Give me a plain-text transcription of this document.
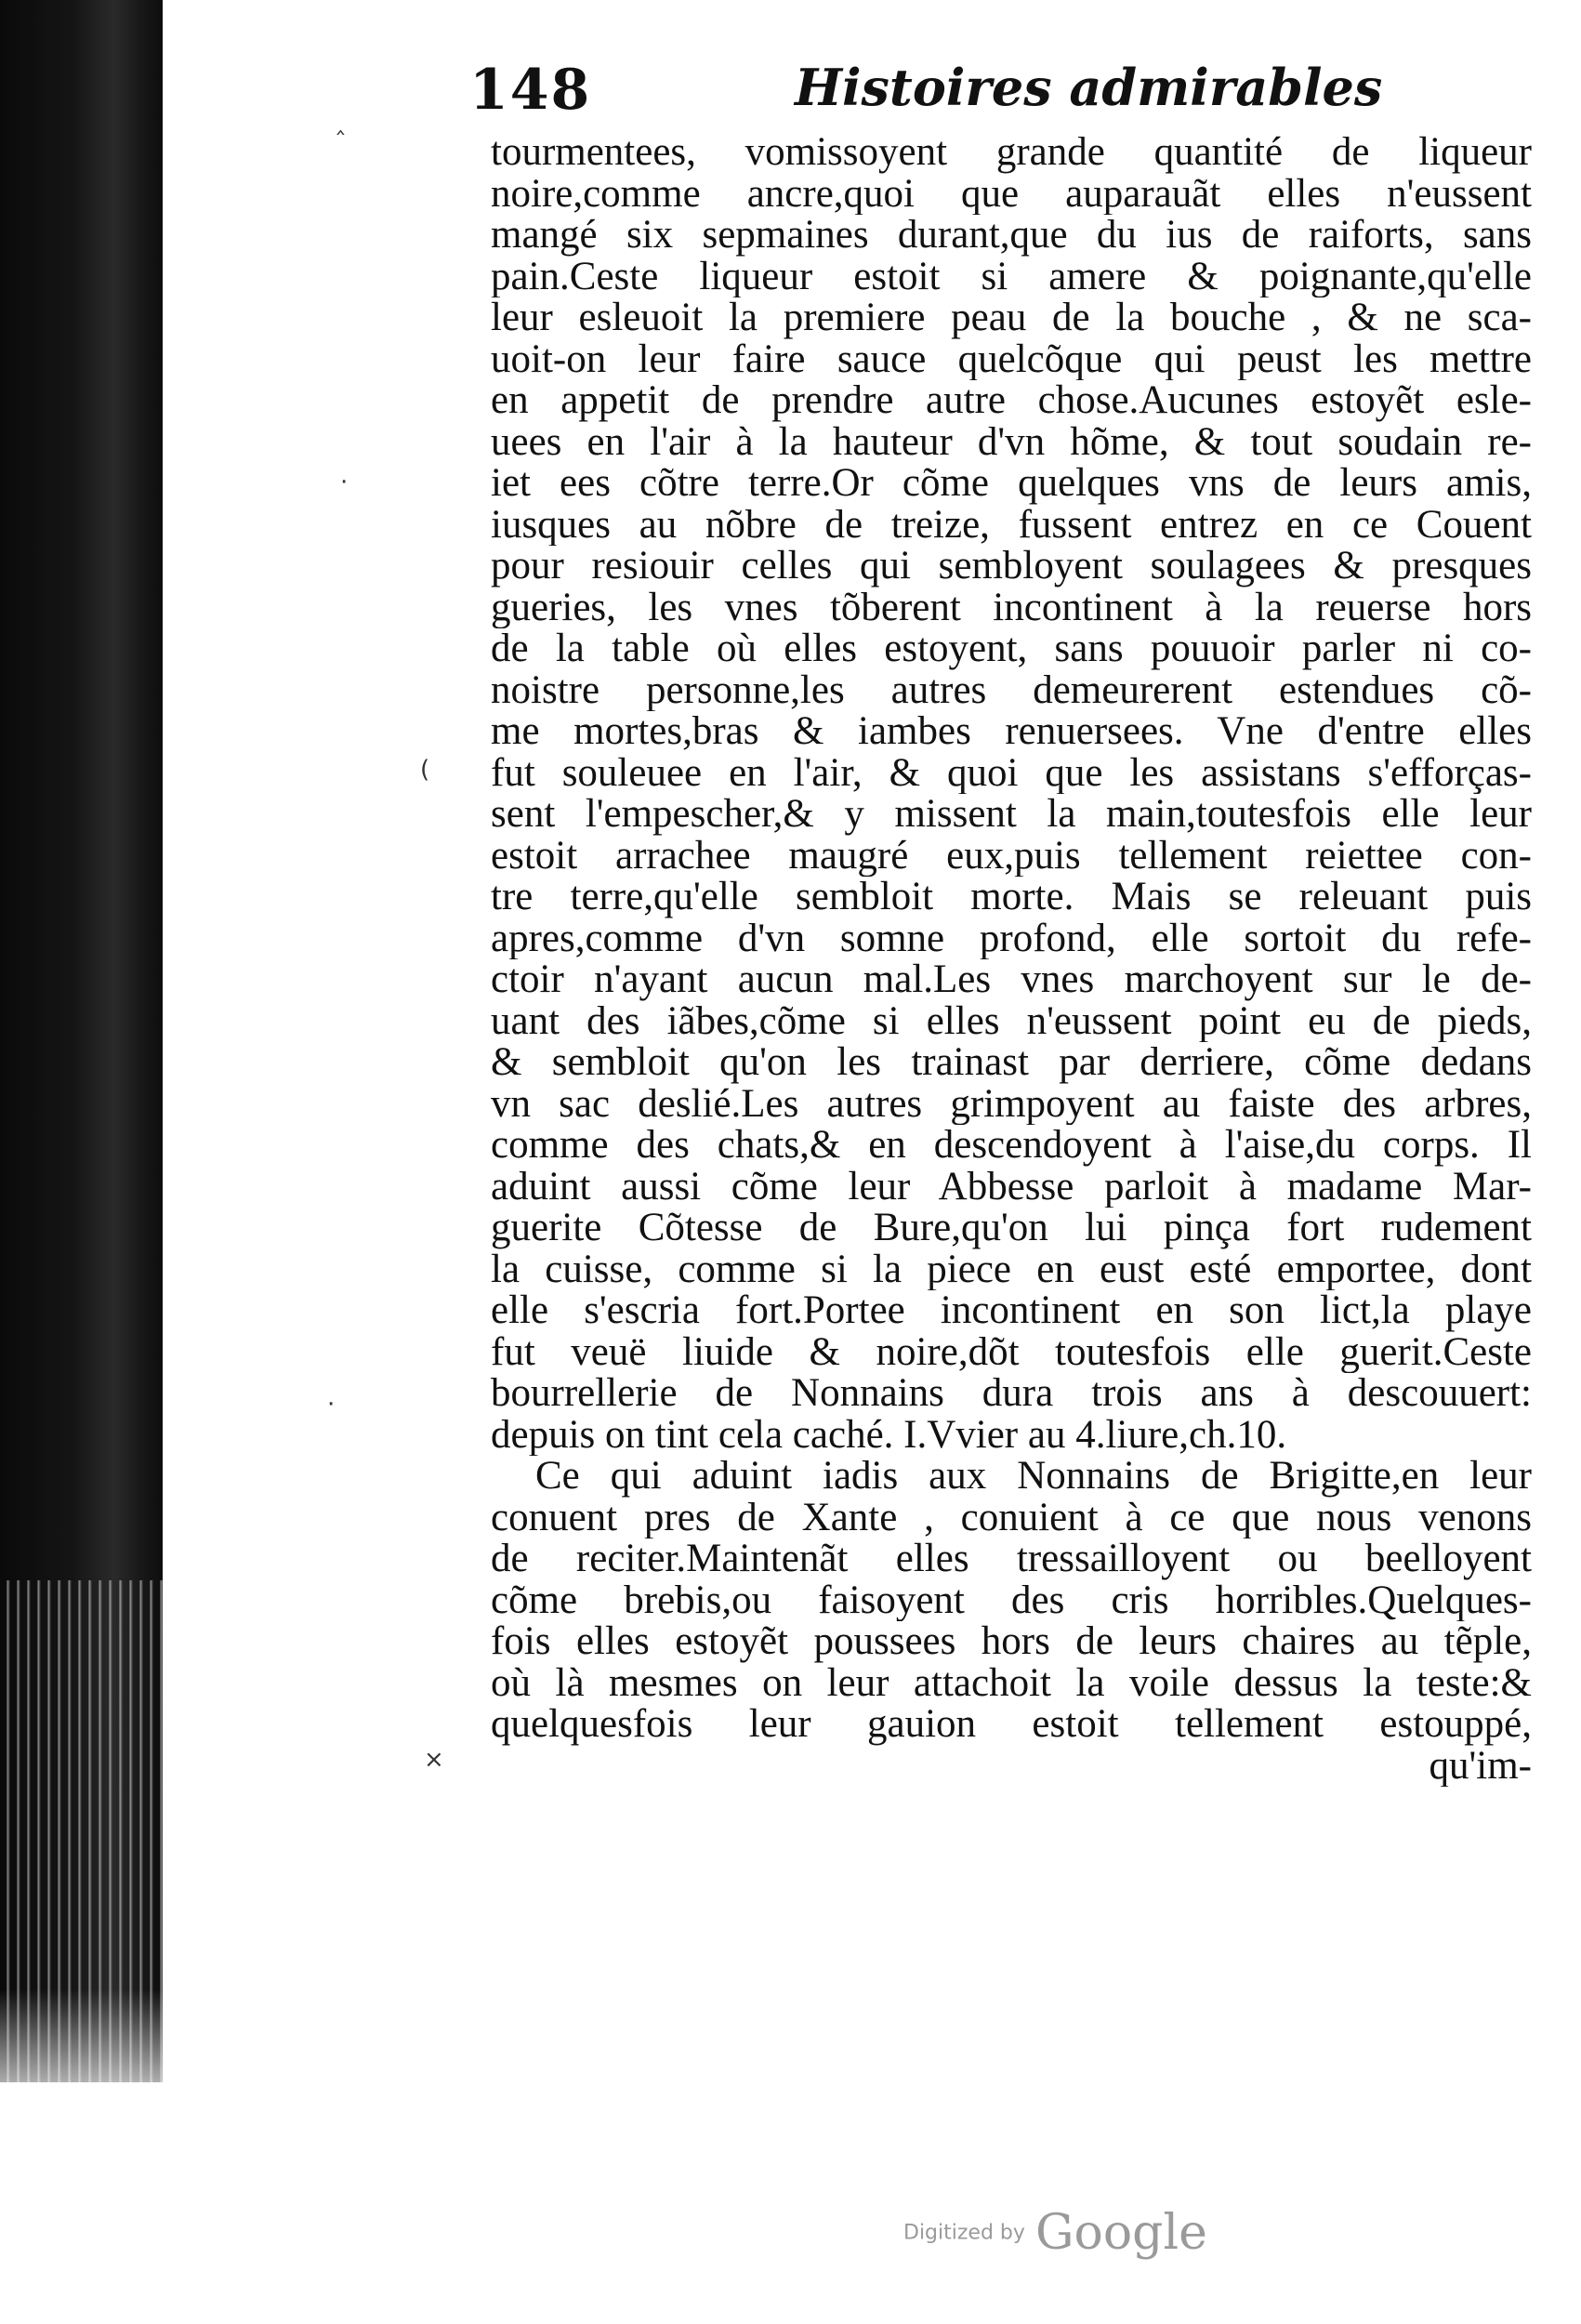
‸
·
(
×
·
148	Histoires admirables
tourmentees, vomissoyent grande quantité de liqueur
noire,comme ancre,quoi que auparauãt elles n'eussent
mangé six sepmaines durant,que du ius de raiforts, sans
pain.Ceste liqueur estoit si amere & poignante,qu'elle
leur esleuoit la premiere peau de la bouche , & ne sca-
uoit-on leur faire sauce quelcõque qui peust les mettre
en appetit de prendre autre chose.Aucunes estoyẽt esle-
uees en l'air à la hauteur d'vn hõme, & tout soudain re-
iet ees cõtre terre.Or cõme quelques vns de leurs amis,
iusques au nõbre de treize, fussent entrez en ce Couent
pour resiouir celles qui sembloyent soulagees & presques
gueries, les vnes tõberent incontinent à la reuerse hors
de la table où elles estoyent, sans pouuoir parler ni co-
noistre personne,les autres demeurerent estendues cõ-
me mortes,bras & iambes renuersees. Vne d'entre elles
fut souleuee en l'air, & quoi que les assistans s'efforças-
sent l'empescher,& y missent la main,toutesfois elle leur
estoit arrachee maugré eux,puis tellement reiettee con-
tre terre,qu'elle sembloit morte. Mais se releuant puis
apres,comme d'vn somne profond, elle sortoit du refe-
ctoir n'ayant aucun mal.Les vnes marchoyent sur le de-
uant des iãbes,cõme si elles n'eussent point eu de pieds,
& sembloit qu'on les trainast par derriere, cõme dedans
vn sac deslié.Les autres grimpoyent au faiste des arbres,
comme des chats,& en descendoyent à l'aise,du corps. Il
aduint aussi cõme leur Abbesse parloit à madame Mar-
guerite Cõtesse de Bure,qu'on lui pinça fort rudement
la cuisse, comme si la piece en eust esté emportee, dont
elle s'escria fort.Portee incontinent en son lict,la playe
fut veuë liuide & noire,dõt toutesfois elle guerit.Ceste
bourrellerie de Nonnains dura trois ans à descouuert:
depuis on tint cela caché. I.Vvier au 4.liure,ch.10.
Ce qui aduint iadis aux Nonnains de Brigitte,en leur
conuent pres de Xante , conuient à ce que nous venons
de reciter.Maintenãt elles tressailloyent ou beelloyent
cõme brebis,ou faisoyent des cris horribles.Quelques-
fois elles estoyẽt poussees hors de leurs chaires au tẽple,
où là mesmes on leur attachoit la voile dessus la teste:&
quelquesfois leur gauion estoit tellement estouppé,
qu'im-
Digitized by Google
